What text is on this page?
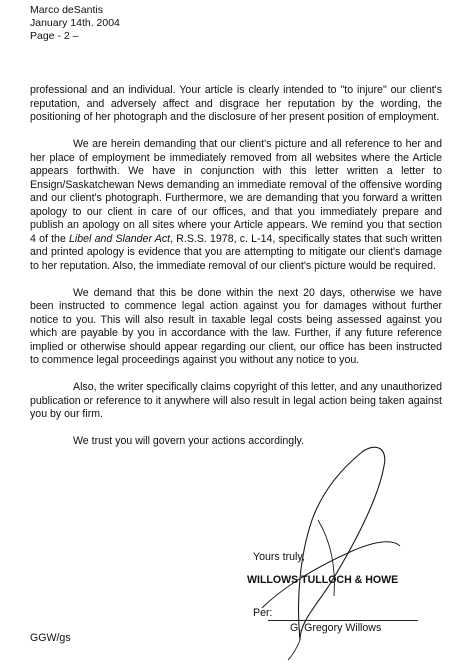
Marco deSantis
January 14th. 2004
Page - 2 –

professional and an individual. Your article is clearly intended to "to injure" our client's reputation, and adversely affect and disgrace her reputation by the wording, the positioning of her photograph and the disclosure of her present position of employment.

We are herein demanding that our client's picture and all reference to her and her place of employment be immediately removed from all websites where the Article appears forthwith. We have in conjunction with this letter written a letter to Ensign/Saskatchewan News demanding an immediate removal of the offensive wording and our client's photograph. Furthermore, we are demanding that you forward a written apology to our client in care of our offices, and that you immediately prepare and publish an apology on all sites where your Article appears. We remind you that section 4 of the Libel and Slander Act, R.S.S. 1978, c. L-14, specifically states that such written and printed apology is evidence that you are attempting to mitigate our client's damage to her reputation. Also, the immediate removal of our client's picture would be required.

We demand that this be done within the next 20 days, otherwise we have been instructed to commence legal action against you for damages without further notice to you. This will also result in taxable legal costs being assessed against you which are payable by you in accordance with the law. Further, if any future reference implied or otherwise should appear regarding our client, our office has been instructed to commence legal proceedings against you without any notice to you.

Also, the writer specifically claims copyright of this letter, and any unauthorized publication or reference to it anywhere will also result in legal action being taken against you by our firm.

We trust you will govern your actions accordingly.

Yours truly,
WILLOWS TULLOCH & HOWE
Per:
G. Gregory Willows
GGW/gs
